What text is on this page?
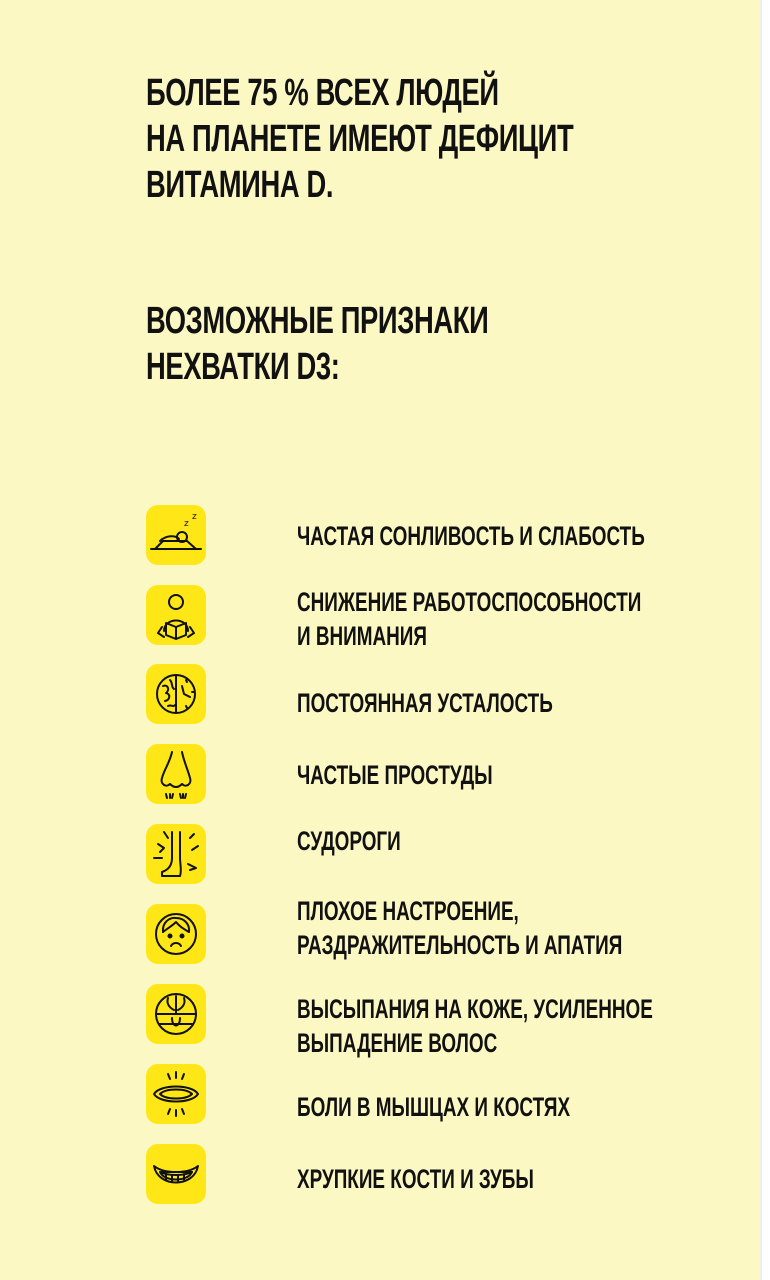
БОЛЕЕ 75 % ВСЕХ ЛЮДЕЙ
НА ПЛАНЕТЕ ИМЕЮТ ДЕФИЦИТ
ВИТАМИНА D.
ВОЗМОЖНЫЕ ПРИЗНАКИ
НЕХВАТКИ D3:
z
z
ЧАСТАЯ СОНЛИВОСТЬ И СЛАБОСТЬ
СНИЖЕНИЕ РАБОТОСПОСОБНОСТИ
И ВНИМАНИЯ
ПОСТОЯННАЯ УСТАЛОСТЬ
ЧАСТЫЕ ПРОСТУДЫ
СУДОРОГИ
ПЛОХОЕ НАСТРОЕНИЕ,
РАЗДРАЖИТЕЛЬНОСТЬ И АПАТИЯ
ВЫСЫПАНИЯ НА КОЖЕ, УСИЛЕННОЕ
ВЫПАДЕНИЕ ВОЛОС
БОЛИ В МЫШЦАХ И КОСТЯХ
ХРУПКИЕ КОСТИ И ЗУБЫ
